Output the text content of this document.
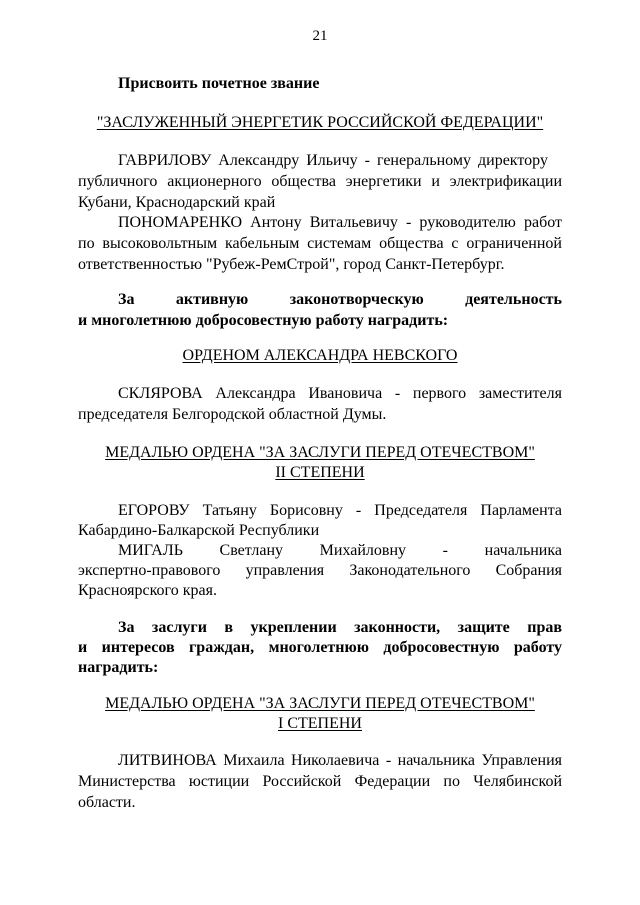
21
Присвоить почетное звание
"ЗАСЛУЖЕННЫЙ ЭНЕРГЕТИК РОССИЙСКОЙ ФЕДЕРАЦИИ"
ГАВРИЛОВУ Александру Ильичу - генеральному директору
публичного акционерного общества энергетики и электрификации
Кубани, Краснодарский край
ПОНОМАРЕНКО Антону Витальевичу - руководителю работ
по высоковольтным кабельным системам общества с ограниченной
ответственностью "Рубеж-РемСтрой", город Санкт-Петербург.
За активную законотворческую деятельность
и многолетнюю добросовестную работу наградить:
ОРДЕНОМ АЛЕКСАНДРА НЕВСКОГО
СКЛЯРОВА Александра Ивановича - первого заместителя
председателя Белгородской областной Думы.
МЕДАЛЬЮ ОРДЕНА "ЗА ЗАСЛУГИ ПЕРЕД ОТЕЧЕСТВОМ"
II СТЕПЕНИ
ЕГОРОВУ Татьяну Борисовну - Председателя Парламента
Кабардино-Балкарской Республики
МИГАЛЬ Светлану Михайловну - начальника
экспертно-правового управления Законодательного Собрания
Красноярского края.
За заслуги в укреплении законности, защите прав
и интересов граждан, многолетнюю добросовестную работу
наградить:
МЕДАЛЬЮ ОРДЕНА "ЗА ЗАСЛУГИ ПЕРЕД ОТЕЧЕСТВОМ"
I СТЕПЕНИ
ЛИТВИНОВА Михаила Николаевича - начальника Управления
Министерства юстиции Российской Федерации по Челябинской
области.
